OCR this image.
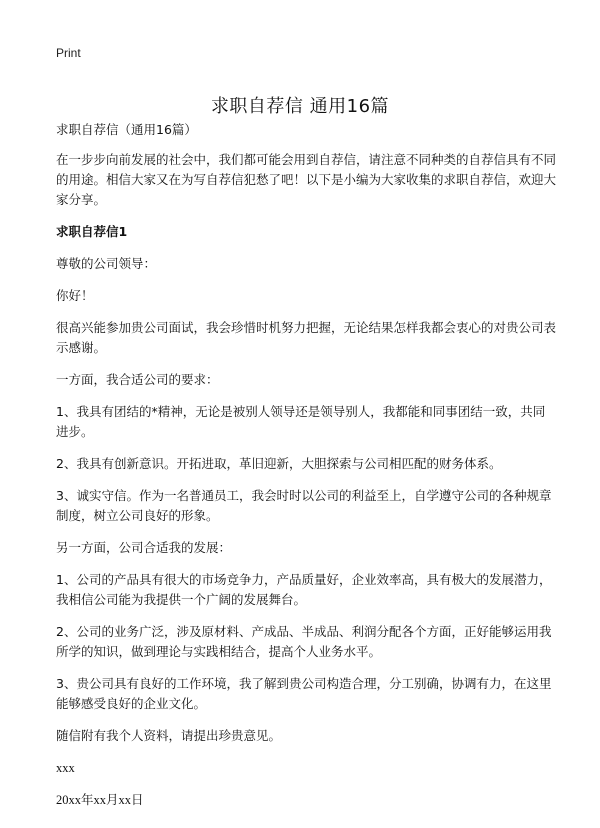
Print
求职自荐信 通用16篇

求职自荐信（通用16篇）

在一步步向前发展的社会中，我们都可能会用到自荐信，请注意不同种类的自荐信具有不同的用途。相信大家又在为写自荐信犯愁了吧！以下是小编为大家收集的求职自荐信，欢迎大家分享。

求职自荐信1

尊敬的公司领导：

你好！

很高兴能参加贵公司面试，我会珍惜时机努力把握，无论结果怎样我都会衷心的对贵公司表示感谢。

一方面，我合适公司的要求：

1、我具有团结的*精神，无论是被别人领导还是领导别人，我都能和同事团结一致，共同进步。

2、我具有创新意识。开拓进取，革旧迎新，大胆探索与公司相匹配的财务体系。

3、诚实守信。作为一名普通员工，我会时时以公司的利益至上，自学遵守公司的各种规章制度，树立公司良好的形象。

另一方面，公司合适我的发展：

1、公司的产品具有很大的市场竞争力，产品质量好，企业效率高，具有极大的发展潜力，我相信公司能为我提供一个广阔的发展舞台。

2、公司的业务广泛，涉及原材料、产成品、半成品、利润分配各个方面，正好能够运用我所学的知识，做到理论与实践相结合，提高个人业务水平。

3、贵公司具有良好的工作环境，我了解到贵公司构造合理，分工别确，协调有力，在这里能够感受良好的企业文化。

随信附有我个人资料，请提出珍贵意见。

xxx

20xx年xx月xx日
